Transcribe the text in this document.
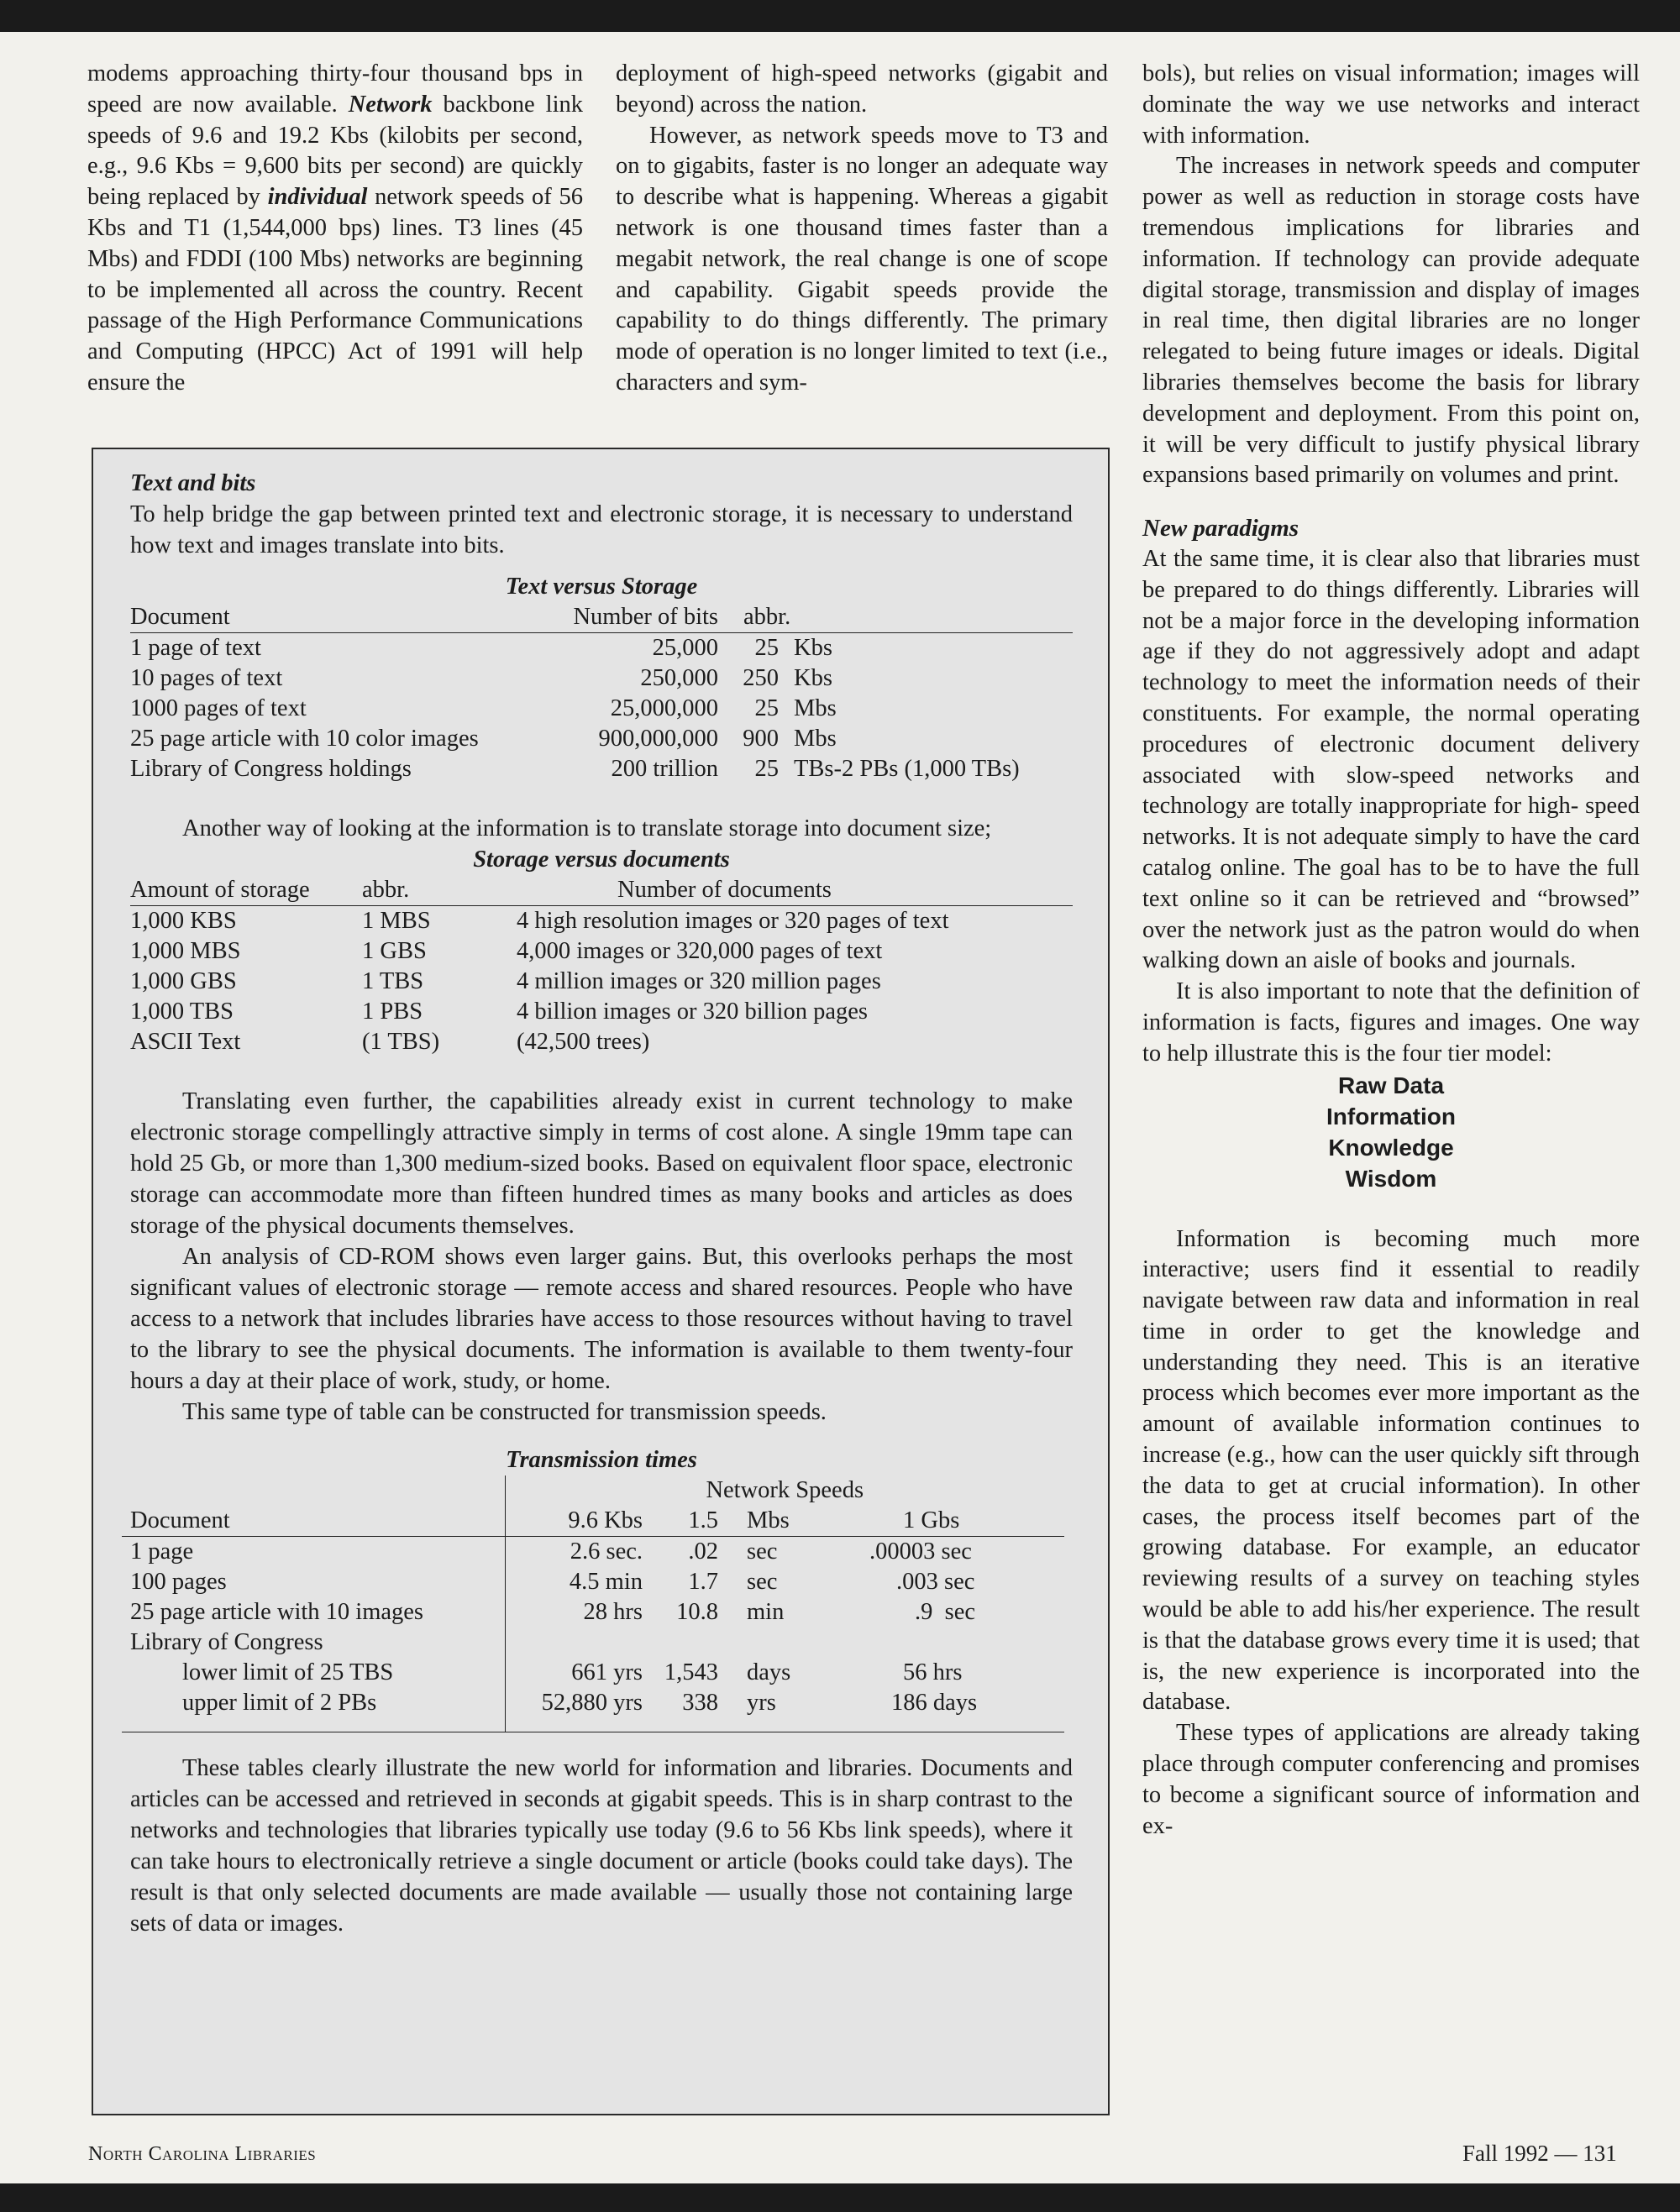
modems approaching thirty-four thousand bps in speed are now available. Network backbone link speeds of 9.6 and 19.2 Kbs (kilobits per second, e.g., 9.6 Kbs = 9,600 bits per second) are quickly being replaced by individual network speeds of 56 Kbs and T1 (1,544,000 bps) lines. T3 lines (45 Mbs) and FDDI (100 Mbs) networks are beginning to be implemented all across the country. Recent passage of the High Performance Communications and Computing (HPCC) Act of 1991 will help ensure the

deployment of high-speed networks (gigabit and beyond) across the nation.

However, as network speeds move to T3 and on to gigabits, faster is no longer an adequate way to describe what is happening. Whereas a gigabit network is one thousand times faster than a megabit network, the real change is one of scope and capability. Gigabit speeds provide the capability to do things differently. The primary mode of operation is no longer limited to text (i.e., characters and sym-

bols), but relies on visual information; images will dominate the way we use networks and interact with information.

The increases in network speeds and computer power as well as reduction in storage costs have tremendous implications for libraries and information. If technology can provide adequate digital storage, transmission and display of images in real time, then digital libraries are no longer relegated to being future images or ideals. Digital libraries themselves become the basis for library development and deployment. From this point on, it will be very difficult to justify physical library expansions based primarily on volumes and print.

New paradigms

At the same time, it is clear also that libraries must be prepared to do things differently. Libraries will not be a major force in the developing information age if they do not aggressively adopt and adapt technology to meet the information needs of their constituents. For example, the normal operating procedures of electronic document delivery associated with slow-speed networks and technology are totally inappropriate for high- speed networks. It is not adequate simply to have the card catalog online. The goal has to be to have the full text online so it can be retrieved and “browsed” over the network just as the patron would do when walking down an aisle of books and journals.

It is also important to note that the definition of information is facts, figures and images. One way to help illustrate this is the four tier model:

Raw Data
Information
Knowledge
Wisdom

Information is becoming much more interactive; users find it essential to readily navigate between raw data and information in real time in order to get the knowledge and understanding they need. This is an iterative process which becomes ever more important as the amount of available information continues to increase (e.g., how can the user quickly sift through the data to get at crucial information). In other cases, the process itself becomes part of the growing database. For example, an educator reviewing results of a survey on teaching styles would be able to add his/her experience. The result is that the database grows every time it is used; that is, the new experience is incorporated into the database.

These types of applications are already taking place through computer conferencing and promises to become a significant source of information and ex-

Text and bits

To help bridge the gap between printed text and electronic storage, it is necessary to understand how text and images translate into bits.

Text versus Storage
Document	Number of bits	abbr.	
1 page of text	25,000	25	Kbs
10 pages of text	250,000	250	Kbs
1000 pages of text	25,000,000	25	Mbs
25 page article with 10 color images	900,000,000	900	Mbs
Library of Congress holdings	200 trillion	25	TBs-2 PBs (1,000 TBs)

Another way of looking at the information is to translate storage into document size;

Storage versus documents
Amount of storage	abbr.	Number of documents
1,000 KBS	1 MBS	4 high resolution images or 320 pages of text
1,000 MBS	1 GBS	4,000 images or 320,000 pages of text
1,000 GBS	1 TBS	4 million images or 320 million pages
1,000 TBS	1 PBS	4 billion images or 320 billion pages
ASCII Text	(1 TBS)	(42,500 trees)

Translating even further, the capabilities already exist in current technology to make electronic storage compellingly attractive simply in terms of cost alone. A single 19mm tape can hold 25 Gb, or more than 1,300 medium-sized books. Based on equivalent floor space, electronic storage can accommodate more than fifteen hundred times as many books and articles as does storage of the physical documents themselves.

An analysis of CD-ROM shows even larger gains. But, this overlooks perhaps the most significant values of electronic storage — remote access and shared resources. People who have access to a network that includes libraries have access to those resources without having to travel to the library to see the physical documents. The information is available to them twenty-four hours a day at their place of work, study, or home.

This same type of table can be constructed for transmission speeds.

Transmission times
	Network Speeds			
Document	9.6 Kbs	1.5	Mbs	1 Gbs
1 page	2.6 sec.	.02	sec	.00003 sec
100 pages	4.5 min	1.7	sec	.003 sec
25 page article with 10 images	28 hrs	10.8	min	.9  sec
Library of Congress				
lower limit of 25 TBS	661 yrs	1,543	days	56 hrs
upper limit of 2 PBs	52,880 yrs	338	yrs	186 days

These tables clearly illustrate the new world for information and libraries. Documents and articles can be accessed and retrieved in seconds at gigabit speeds. This is in sharp contrast to the networks and technologies that libraries typically use today (9.6 to 56 Kbs link speeds), where it can take hours to electronically retrieve a single document or article (books could take days). The result is that only selected documents are made available — usually those not containing large sets of data or images.

North Carolina Libraries	Fall 1992 — 131
